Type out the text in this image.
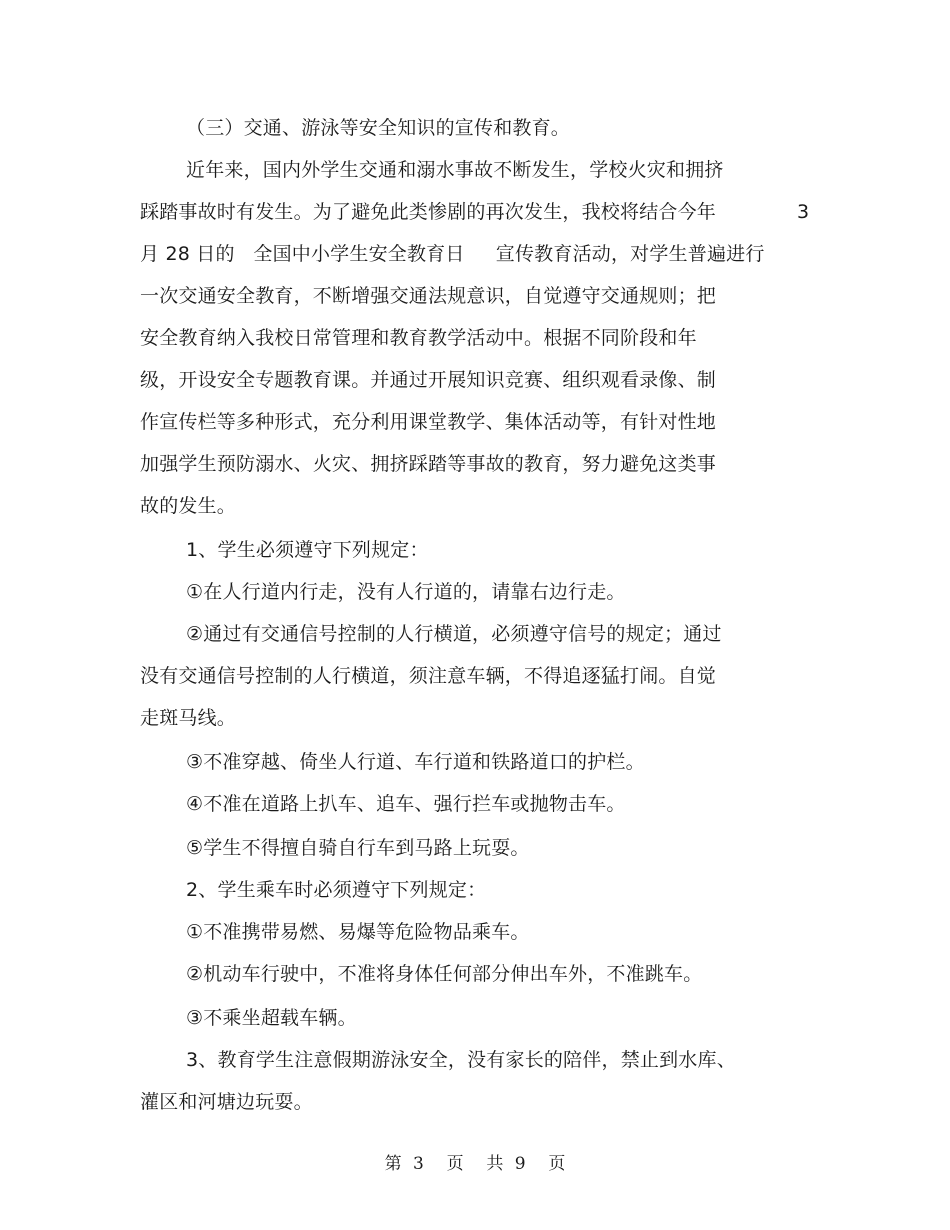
（三）交通、游泳等安全知识的宣传和教育。
近年来，国内外学生交通和溺水事故不断发生，学校火灾和拥挤
踩踏事故时有发生。为了避免此类惨剧的再次发生，我校将结合今年	3
月 28 日的   全国中小学生安全教育日     宣传教育活动，对学生普遍进行
一次交通安全教育，不断增强交通法规意识，自觉遵守交通规则；把
安全教育纳入我校日常管理和教育教学活动中。根据不同阶段和年
级，开设安全专题教育课。并通过开展知识竞赛、组织观看录像、制
作宣传栏等多种形式，充分利用课堂教学、集体活动等，有针对性地
加强学生预防溺水、火灾、拥挤踩踏等事故的教育，努力避免这类事
故的发生。
1、学生必须遵守下列规定：
①在人行道内行走，没有人行道的，请靠右边行走。
②通过有交通信号控制的人行横道，必须遵守信号的规定；通过
没有交通信号控制的人行横道，须注意车辆，不得追逐猛打闹。自觉
走斑马线。
③不准穿越、倚坐人行道、车行道和铁路道口的护栏。
④不准在道路上扒车、追车、强行拦车或抛物击车。
⑤学生不得擅自骑自行车到马路上玩耍。
2、学生乘车时必须遵守下列规定：
①不准携带易燃、易爆等危险物品乘车。
②机动车行驶中，不准将身体任何部分伸出车外，不准跳车。
③不乘坐超载车辆。
3、教育学生注意假期游泳安全，没有家长的陪伴，禁止到水库、
灌区和河塘边玩耍。
第 3  页  共 9  页
